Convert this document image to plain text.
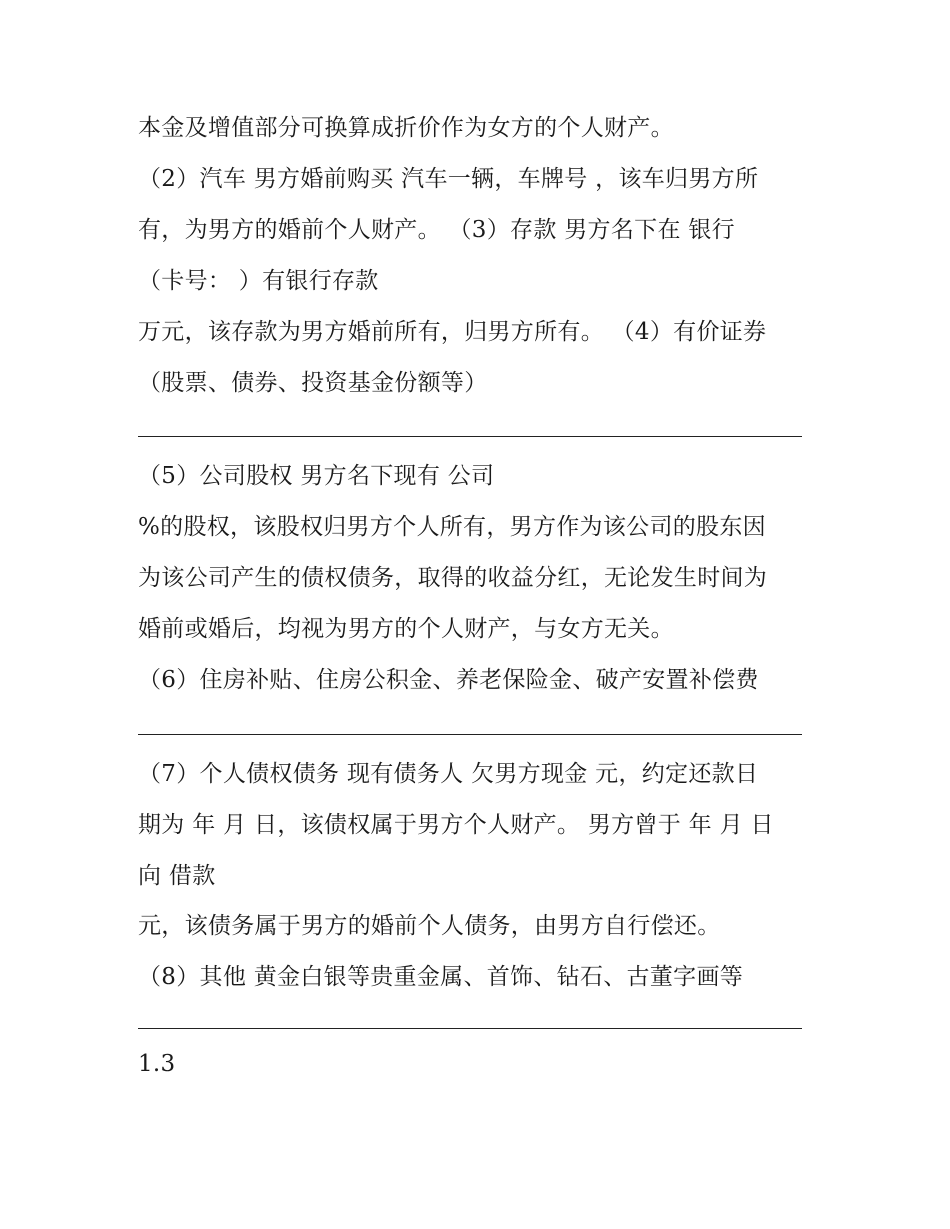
本金及增值部分可换算成折价作为女方的个人财产。
（2）汽车 男方婚前购买 汽车一辆，车牌号 ，该车归男方所
有，为男方的婚前个人财产。 （3）存款 男方名下在 银行
（卡号： ）有银行存款
万元，该存款为男方婚前所有，归男方所有。 （4）有价证券
（股票、债券、投资基金份额等）
（5）公司股权 男方名下现有 公司
%的股权，该股权归男方个人所有，男方作为该公司的股东因
为该公司产生的债权债务，取得的收益分红，无论发生时间为
婚前或婚后，均视为男方的个人财产，与女方无关。
（6）住房补贴、住房公积金、养老保险金、破产安置补偿费
（7）个人债权债务 现有债务人 欠男方现金 元，约定还款日
期为 年 月 日，该债权属于男方个人财产。 男方曾于 年 月 日
向 借款
元，该债务属于男方的婚前个人债务，由男方自行偿还。
（8）其他 黄金白银等贵重金属、首饰、钻石、古董字画等
1.3
